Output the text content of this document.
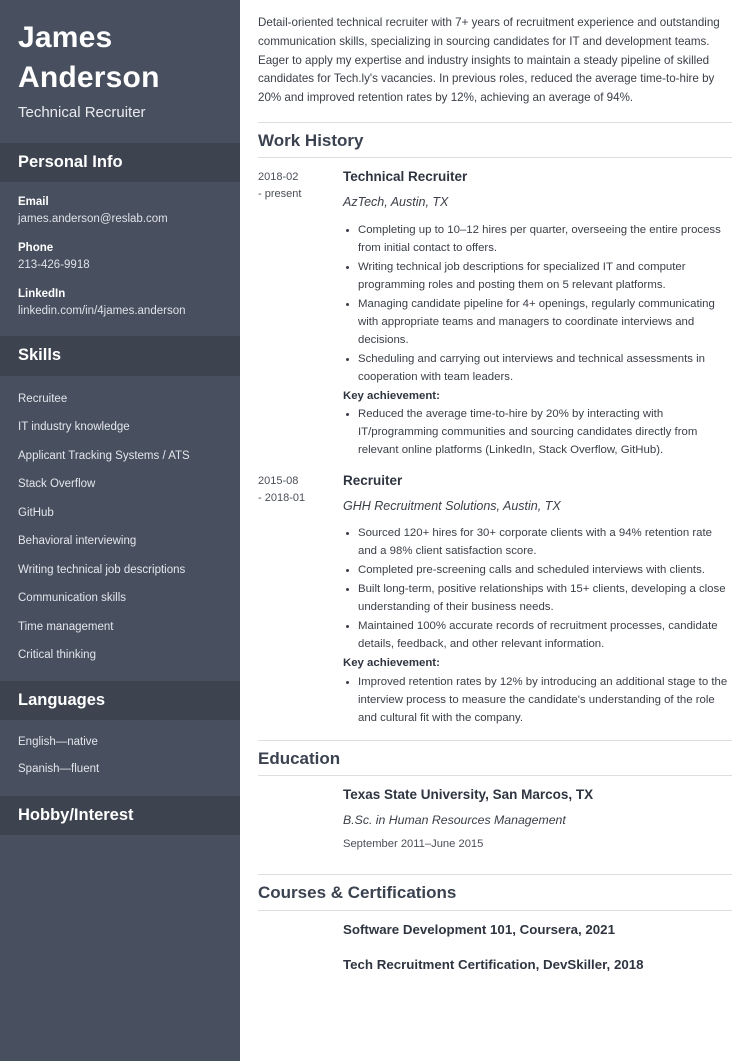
James
Anderson
Technical Recruiter
Personal Info
Email
james.anderson@reslab.com
Phone
213-426-9918
LinkedIn
linkedin.com/in/4james.anderson
Skills
Recruitee
IT industry knowledge
Applicant Tracking Systems / ATS
Stack Overflow
GitHub
Behavioral interviewing
Writing technical job descriptions
Communication skills
Time management
Critical thinking
Languages
English—native
Spanish—fluent
Hobby/Interest

Detail-oriented technical recruiter with 7+ years of recruitment experience and outstanding communication skills, specializing in sourcing candidates for IT and development teams. Eager to apply my expertise and industry insights to maintain a steady pipeline of skilled candidates for Tech.ly's vacancies. In previous roles, reduced the average time-to-hire by 20% and improved retention rates by 12%, achieving an average of 94%.

Work History
2018-02
- present
Technical Recruiter
AzTech, Austin, TX
• Completing up to 10–12 hires per quarter, overseeing the entire process from initial contact to offers.
• Writing technical job descriptions for specialized IT and computer programming roles and posting them on 5 relevant platforms.
• Managing candidate pipeline for 4+ openings, regularly communicating with appropriate teams and managers to coordinate interviews and decisions.
• Scheduling and carrying out interviews and technical assessments in cooperation with team leaders.
Key achievement:
• Reduced the average time-to-hire by 20% by interacting with IT/programming communities and sourcing candidates directly from relevant online platforms (LinkedIn, Stack Overflow, GitHub).
2015-08
- 2018-01
Recruiter
GHH Recruitment Solutions, Austin, TX
• Sourced 120+ hires for 30+ corporate clients with a 94% retention rate and a 98% client satisfaction score.
• Completed pre-screening calls and scheduled interviews with clients.
• Built long-term, positive relationships with 15+ clients, developing a close understanding of their business needs.
• Maintained 100% accurate records of recruitment processes, candidate details, feedback, and other relevant information.
Key achievement:
• Improved retention rates by 12% by introducing an additional stage to the interview process to measure the candidate's understanding of the role and cultural fit with the company.
Education
Texas State University, San Marcos, TX
B.Sc. in Human Resources Management
September 2011–June 2015
Courses & Certifications
Software Development 101, Coursera, 2021
Tech Recruitment Certification, DevSkiller, 2018
